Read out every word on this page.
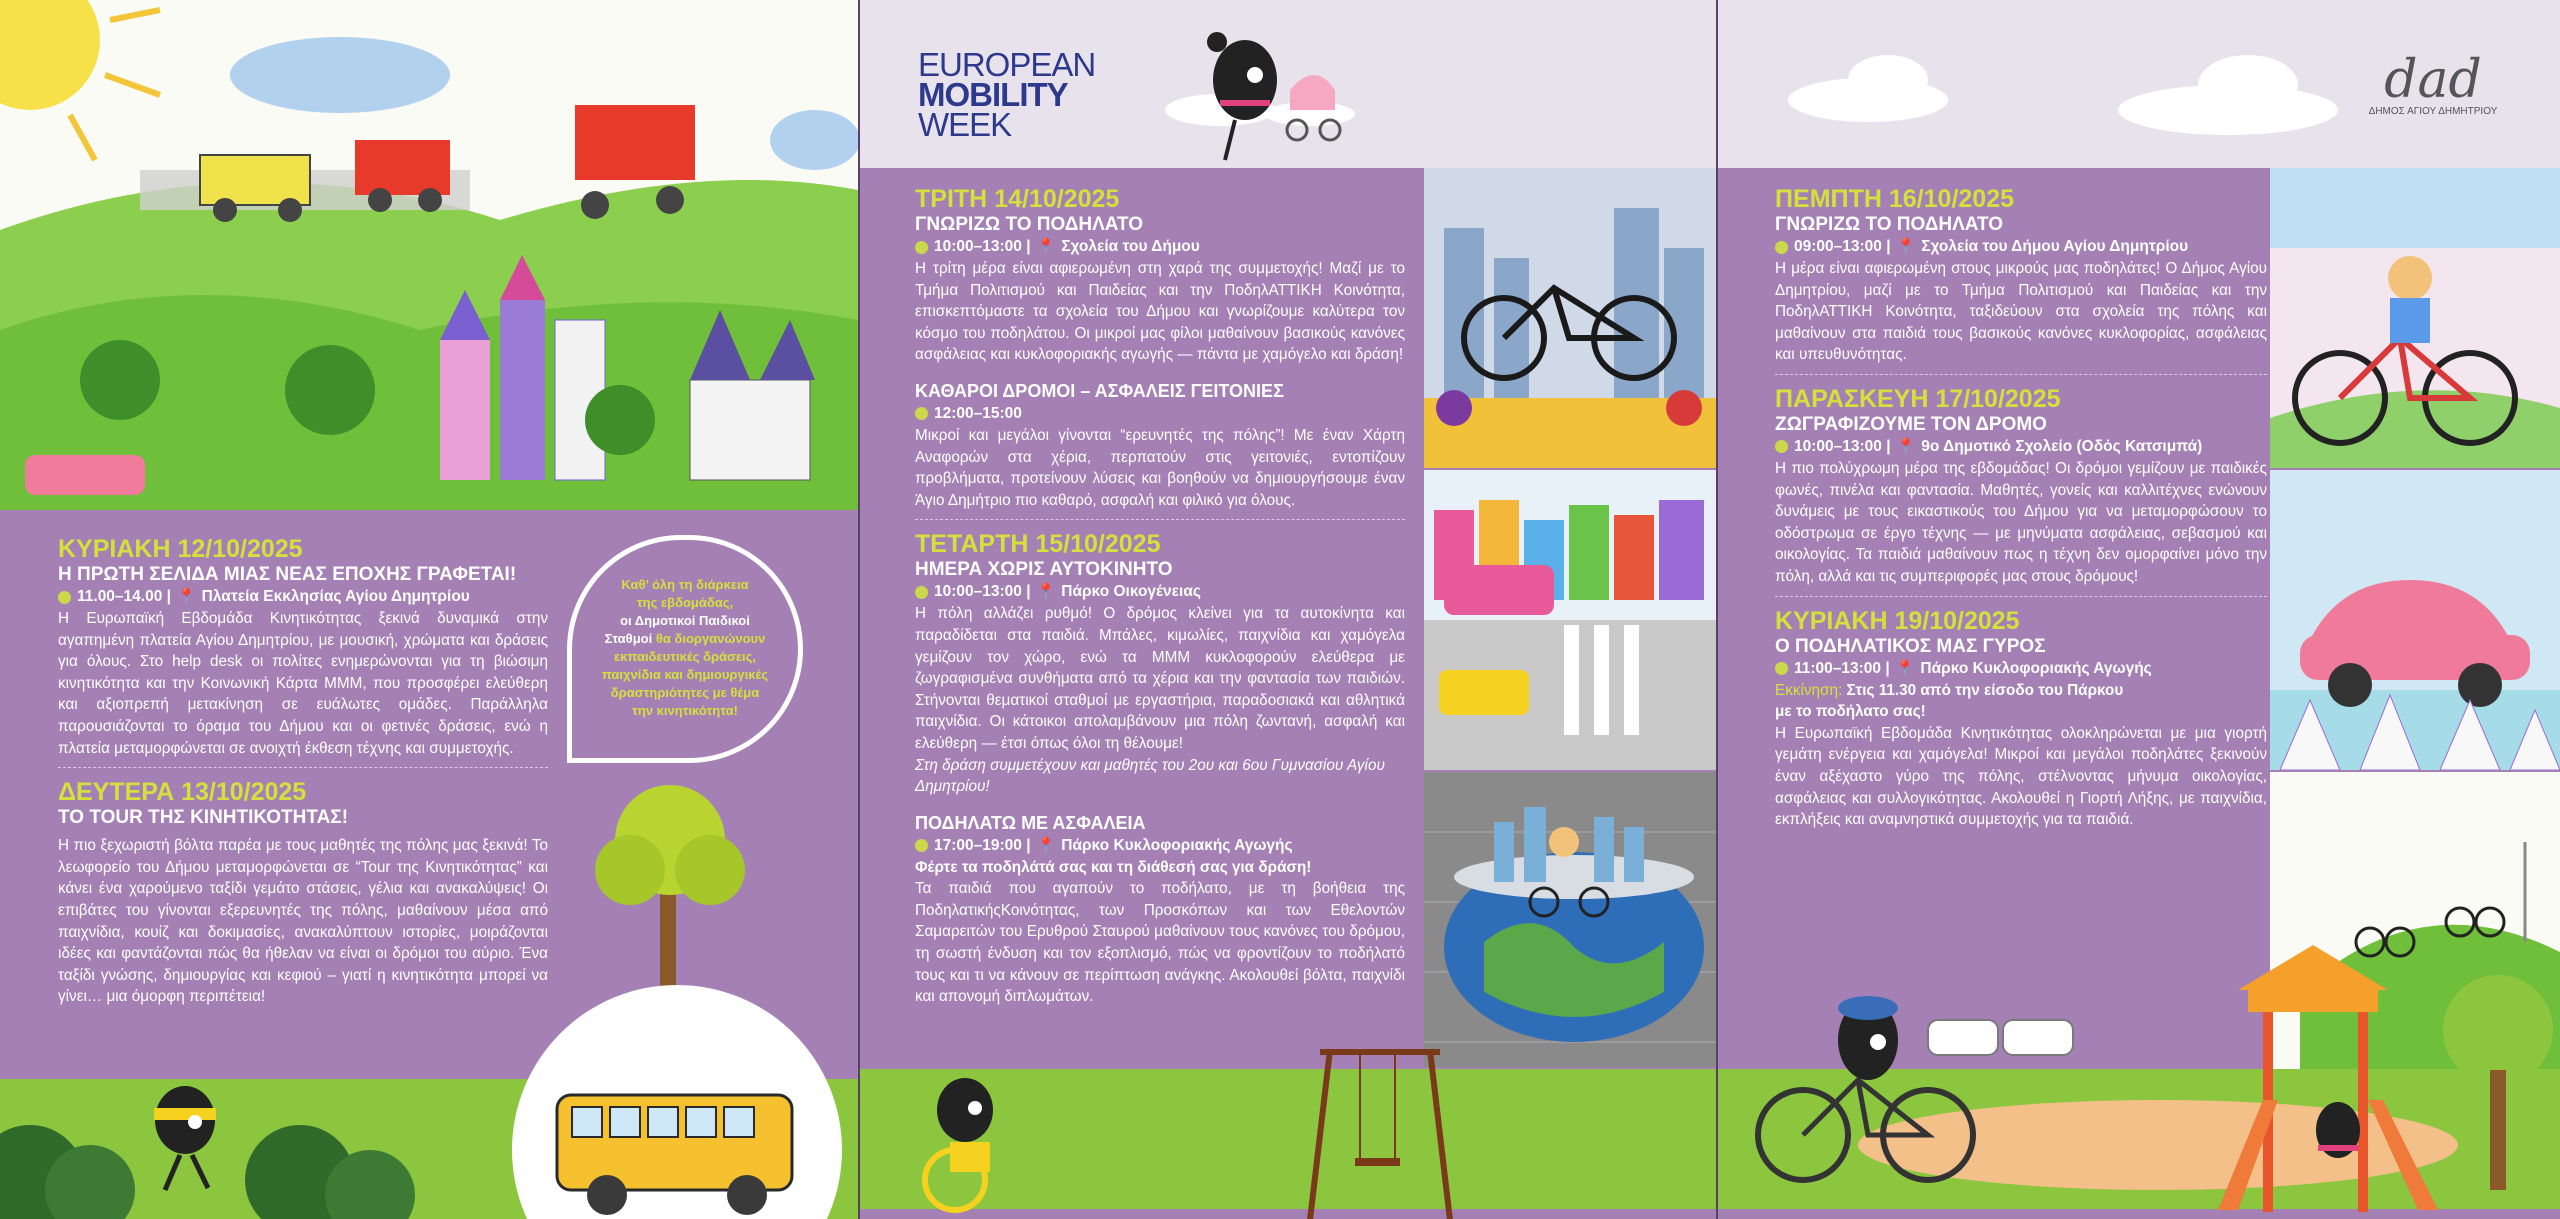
ΚΥΡΙΑΚΗ 12/10/2025
Η ΠΡΩΤΗ ΣΕΛΙΔΑ ΜΙΑΣ ΝΕΑΣ ΕΠΟΧΗΣ ΓΡΑΦΕΤΑΙ!
11.00–14.00 | 📍 Πλατεία Εκκλησίας Αγίου Δημητρίου
Η Ευρωπαϊκή Εβδομάδα Κινητικότητας ξεκινά δυναμικά στην αγαπημένη πλατεία Αγίου Δημητρίου, με μουσική, χρώματα και δράσεις για όλους. Στο help desk οι πολίτες ενημερώνονται για τη βιώσιμη κινητικότητα και την Κοινωνική Κάρτα ΜΜΜ, που προσφέρει ελεύθερη και αξιοπρεπή μετακίνηση σε ευάλωτες ομάδες. Παράλληλα παρουσιάζονται το όραμα του Δήμου και οι φετινές δράσεις, ενώ η πλατεία μεταμορφώνεται σε ανοιχτή έκθεση τέχνης και συμμετοχής.
ΔΕΥΤΕΡΑ 13/10/2025
ΤΟ TOUR ΤΗΣ ΚΙΝΗΤΙΚΟΤΗΤΑΣ!
Η πιο ξεχωριστή βόλτα παρέα με τους μαθητές της πόλης μας ξεκινά! Το λεωφορείο του Δήμου μεταμορφώνεται σε “Tour της Κινητικότητας” και κάνει ένα χαρούμενο ταξίδι γεμάτο στάσεις, γέλια και ανακαλύψεις! Οι επιβάτες του γίνονται εξερευνητές της πόλης, μαθαίνουν μέσα από παιχνίδια, κουίζ και δοκιμασίες, ανακαλύπτουν ιστορίες, μοιράζονται ιδέες και φαντάζονται πώς θα ήθελαν να είναι οι δρόμοι του αύριο. Ένα ταξίδι γνώσης, δημιουργίας και κεφιού – γιατί η κινητικότητα μπορεί να γίνει… μια όμορφη περιπέτεια!
Καθ’ όλη τη διάρκεια
της εβδομάδας,
οι Δημοτικοί Παιδικοί
Σταθμοί θα διοργανώνουν
εκπαιδευτικές δράσεις,
παιχνίδια και δημιουργικές
δραστηριότητες με θέμα
την κινητικότητα!
EUROPEAN
MOBILITY
WEEK
ΤΡΙΤΗ 14/10/2025
ΓΝΩΡΙΖΩ ΤΟ ΠΟΔΗΛΑΤΟ
10:00–13:00 | 📍 Σχολεία του Δήμου
Η τρίτη μέρα είναι αφιερωμένη στη χαρά της συμμετοχής! Μαζί με το Τμήμα Πολιτισμού και Παιδείας και την ΠοδηλΑΤΤΙΚΗ Κοινότητα, επισκεπτόμαστε τα σχολεία του Δήμου και γνωρίζουμε καλύτερα τον κόσμο του ποδηλάτου. Οι μικροί μας φίλοι μαθαίνουν βασικούς κανόνες ασφάλειας και κυκλοφοριακής αγωγής — πάντα με χαμόγελο και δράση!
ΚΑΘΑΡΟΙ ΔΡΟΜΟΙ – ΑΣΦΑΛΕΙΣ ΓΕΙΤΟΝΙΕΣ
12:00–15:00
Μικροί και μεγάλοι γίνονται “ερευνητές της πόλης”! Με έναν Χάρτη Αναφορών στα χέρια, περπατούν στις γειτονιές, εντοπίζουν προβλήματα, προτείνουν λύσεις και βοηθούν να δημιουργήσουμε έναν Άγιο Δημήτριο πιο καθαρό, ασφαλή και φιλικό για όλους.
ΤΕΤΑΡΤΗ 15/10/2025
ΗΜΕΡΑ ΧΩΡΙΣ ΑΥΤΟΚΙΝΗΤΟ
10:00–13:00 | 📍 Πάρκο Οικογένειας
Η πόλη αλλάζει ρυθμό! Ο δρόμος κλείνει για τα αυτοκίνητα και παραδίδεται στα παιδιά. Μπάλες, κιμωλίες, παιχνίδια και χαμόγελα γεμίζουν τον χώρο, ενώ τα ΜΜΜ κυκλοφορούν ελεύθερα με ζωγραφισμένα συνθήματα από τα χέρια και την φαντασία των παιδιών. Στήνονται θεματικοί σταθμοί με εργαστήρια, παραδοσιακά και αθλητικά παιχνίδια. Οι κάτοικοι απολαμβάνουν μια πόλη ζωντανή, ασφαλή και ελεύθερη — έτσι όπως όλοι τη θέλουμε!
Στη δράση συμμετέχουν και μαθητές του 2ου και 6ου Γυμνασίου Αγίου Δημητρίου!
ΠΟΔΗΛΑΤΩ ΜΕ ΑΣΦΑΛΕΙΑ
17:00–19:00 | 📍 Πάρκο Κυκλοφοριακής Αγωγής
Φέρτε τα ποδηλάτά σας και τη διάθεσή σας για δράση!
Τα παιδιά που αγαπούν το ποδήλατο, με τη βοήθεια της ΠοδηλατικήςΚοινότητας, των Προσκόπων και των Εθελοντών Σαμαρειτών του Ερυθρού Σταυρού μαθαίνουν τους κανόνες του δρόμου, τη σωστή ένδυση και τον εξοπλισμό, πώς να φροντίζουν το ποδήλατό τους και τι να κάνουν σε περίπτωση ανάγκης. Ακολουθεί βόλτα, παιχνίδι και απονομή διπλωμάτων.
dad
ΔΗΜΟΣ ΑΓΙΟΥ ΔΗΜΗΤΡΙΟΥ
ΠΕΜΠΤΗ 16/10/2025
ΓΝΩΡΙΖΩ ΤΟ ΠΟΔΗΛΑΤΟ
09:00–13:00 | 📍 Σχολεία του Δήμου Αγίου Δημητρίου
Η μέρα είναι αφιερωμένη στους μικρούς μας ποδηλάτες! Ο Δήμος Αγίου Δημητρίου, μαζί με το Τμήμα Πολιτισμού και Παιδείας και την ΠοδηλΑΤΤΙΚΗ Κοινότητα, ταξιδεύουν στα σχολεία της πόλης και μαθαίνουν στα παιδιά τους βασικούς κανόνες κυκλοφορίας, ασφάλειας και υπευθυνότητας.
ΠΑΡΑΣΚΕΥΗ 17/10/2025
ΖΩΓΡΑΦΙΖΟΥΜΕ ΤΟΝ ΔΡΟΜΟ
10:00–13:00 | 📍 9ο Δημοτικό Σχολείο (Οδός Κατσιμπά)
Η πιο πολύχρωμη μέρα της εβδομάδας! Οι δρόμοι γεμίζουν με παιδικές φωνές, πινέλα και φαντασία. Μαθητές, γονείς και καλλιτέχνες ενώνουν δυνάμεις με τους εικαστικούς του Δήμου για να μεταμορφώσουν το οδόστρωμα σε έργο τέχνης — με μηνύματα ασφάλειας, σεβασμού και οικολογίας. Τα παιδιά μαθαίνουν πως η τέχνη δεν ομορφαίνει μόνο την πόλη, αλλά και τις συμπεριφορές μας στους δρόμους!
ΚΥΡΙΑΚΗ 19/10/2025
Ο ΠΟΔΗΛΑΤΙΚΟΣ ΜΑΣ ΓΥΡΟΣ
11:00–13:00 | 📍 Πάρκο Κυκλοφοριακής Αγωγής
Εκκίνηση: Στις 11.30 από την είσοδο του Πάρκου
με το ποδήλατο σας!
Η Ευρωπαϊκή Εβδομάδα Κινητικότητας ολοκληρώνεται με μια γιορτή γεμάτη ενέργεια και χαμόγελα! Μικροί και μεγάλοι ποδηλάτες ξεκινούν έναν αξέχαστο γύρο της πόλης, στέλνοντας μήνυμα οικολογίας, ασφάλειας και συλλογικότητας. Ακολουθεί η Γιορτή Λήξης, με παιχνίδια, εκπλήξεις και αναμνηστικά συμμετοχής για τα παιδιά.
